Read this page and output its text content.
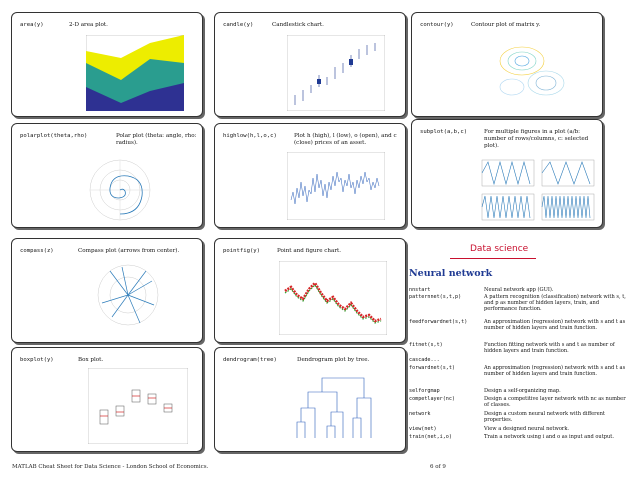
area(y)	2-D area plot.
polarplot(theta,rho)	Polar plot (theta: angle, rho: radius).
compass(z)	Compass plot (arrows from center).
boxplot(y)	Box plot.
candle(y)	Candlestick chart.
highlow(h,l,o,c)	Plot h (high), l (low), o (open), and c (close) prices of an asset.
pointfig(y)	Point and figure chart.
dendrogram(tree)	Dendrogram plot by tree.
contour(y)	Contour plot of matrix y.
subplot(a,b,c)	For multiple figures in a plot (a/b: number of rows/columns, c: selected plot).
Data science
Neural network
nnstart	Neural network app (GUI).
patternnet(s,t,p)	A pattern recognition (classification) network with s, t, and p as number of hidden layers, train, and performance function.
feedforwardnet(s,t)	An approximation (regression) network with s and t as number of hidden layers and train function.
fitnet(s,t)	Function fitting network with s and t as number of hidden layers and train function.
cascade...
forwardnet(s,t)	An approximation (regression) network with s and t as number of hidden layers and train function.
selforgmap	Design a self-organizing map.
competlayer(nc)	Design a competitive layer network with nc as number of classes.
network	Design a custom neural network with different properties.
view(net)	View a designed neural network.
train(net,i,o)	Train a network using i and o as input and output.
MATLAB Cheat Sheet for Data Science - London School of Economics.	6 of 9
